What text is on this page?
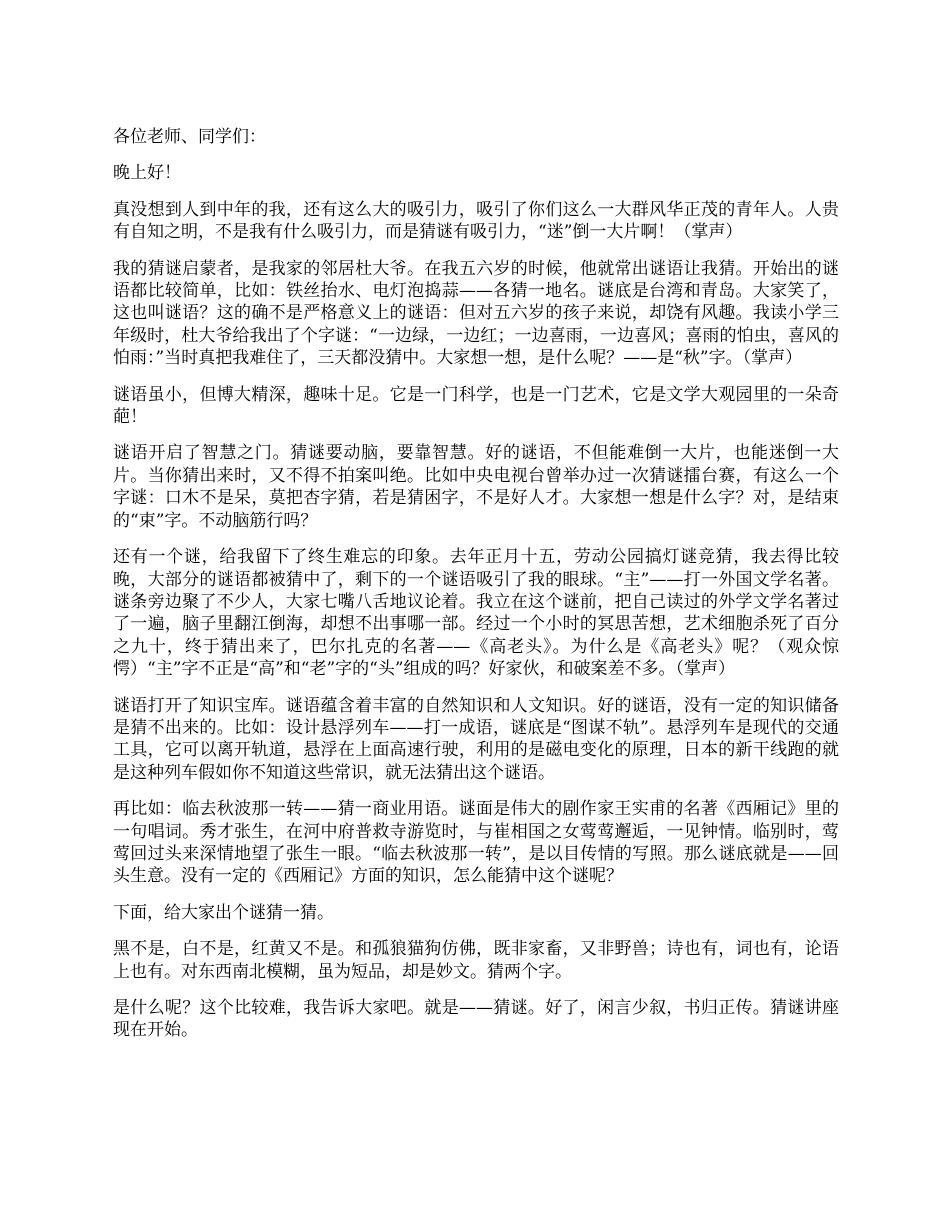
各位老师、同学们：

晚上好！

真没想到人到中年的我，还有这么大的吸引力，吸引了你们这么一大群风华正茂的青年人。人贵有自知之明，不是我有什么吸引力，而是猜谜有吸引力，“迷”倒一大片啊！（掌声）

我的猜谜启蒙者，是我家的邻居杜大爷。在我五六岁的时候，他就常出谜语让我猜。开始出的谜语都比较简单，比如：铁丝抬水、电灯泡捣蒜——各猜一地名。谜底是台湾和青岛。大家笑了，这也叫谜语？这的确不是严格意义上的谜语：但对五六岁的孩子来说，却饶有风趣。我读小学三年级时，杜大爷给我出了个字谜：“一边绿，一边红；一边喜雨，一边喜风；喜雨的怕虫，喜风的怕雨：”当时真把我难住了，三天都没猜中。大家想一想，是什么呢？——是“秋”字。（掌声）

谜语虽小，但博大精深，趣味十足。它是一门科学，也是一门艺术，它是文学大观园里的一朵奇葩！

谜语开启了智慧之门。猜谜要动脑，要靠智慧。好的谜语，不但能难倒一大片，也能迷倒一大片。当你猜出来时，又不得不拍案叫绝。比如中央电视台曾举办过一次猜谜擂台赛，有这么一个字谜：口木不是呆，莫把杏字猜，若是猜困字，不是好人才。大家想一想是什么字？对，是结束的“束”字。不动脑筋行吗？

还有一个谜，给我留下了终生难忘的印象。去年正月十五，劳动公园搞灯谜竞猜，我去得比较晚，大部分的谜语都被猜中了，剩下的一个谜语吸引了我的眼球。“主”——打一外国文学名著。谜条旁边聚了不少人，大家七嘴八舌地议论着。我立在这个谜前，把自己读过的外学文学名著过了一遍，脑子里翻江倒海，却想不出事哪一部。经过一个小时的冥思苦想，艺术细胞杀死了百分之九十，终于猜出来了，巴尔扎克的名著——《高老头》。为什么是《高老头》呢？（观众惊愕）“主”字不正是“高”和“老”字的“头”组成的吗？好家伙，和破案差不多。（掌声）

谜语打开了知识宝库。谜语蕴含着丰富的自然知识和人文知识。好的谜语，没有一定的知识储备是猜不出来的。比如：设计悬浮列车——打一成语，谜底是“图谋不轨”。悬浮列车是现代的交通工具，它可以离开轨道，悬浮在上面高速行驶，利用的是磁电变化的原理，日本的新干线跑的就是这种列车假如你不知道这些常识，就无法猜出这个谜语。

再比如：临去秋波那一转——猜一商业用语。谜面是伟大的剧作家王实甫的名著《西厢记》里的一句唱词。秀才张生，在河中府普救寺游览时，与崔相国之女莺莺邂逅，一见钟情。临别时，莺莺回过头来深情地望了张生一眼。“临去秋波那一转”，是以目传情的写照。那么谜底就是——回头生意。没有一定的《西厢记》方面的知识，怎么能猜中这个谜呢？

下面，给大家出个谜猜一猜。

黑不是，白不是，红黄又不是。和孤狼猫狗仿佛，既非家畜，又非野兽；诗也有，词也有，论语上也有。对东西南北模糊，虽为短品，却是妙文。猜两个字。

是什么呢？这个比较难，我告诉大家吧。就是——猜谜。好了，闲言少叙，书归正传。猜谜讲座现在开始。
